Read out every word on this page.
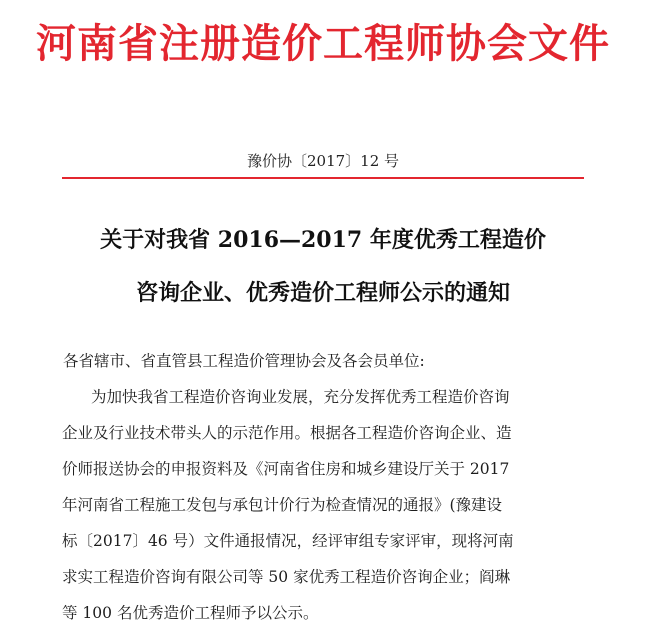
河南省注册造价工程师协会文件
豫价协〔2017〕12 号
关于对我省 2016—2017 年度优秀工程造价
咨询企业、优秀造价工程师公示的通知
各省辖市、省直管县工程造价管理协会及各会员单位:
为加快我省工程造价咨询业发展，充分发挥优秀工程造价咨询
企业及行业技术带头人的示范作用。根据各工程造价咨询企业、造
价师报送协会的申报资料及《河南省住房和城乡建设厅关于 2017
年河南省工程施工发包与承包计价行为检查情况的通报》(豫建设
标〔2017〕46 号）文件通报情况，经评审组专家评审，现将河南
求实工程造价咨询有限公司等 50 家优秀工程造价咨询企业；阎琳
等 100 名优秀造价工程师予以公示。
